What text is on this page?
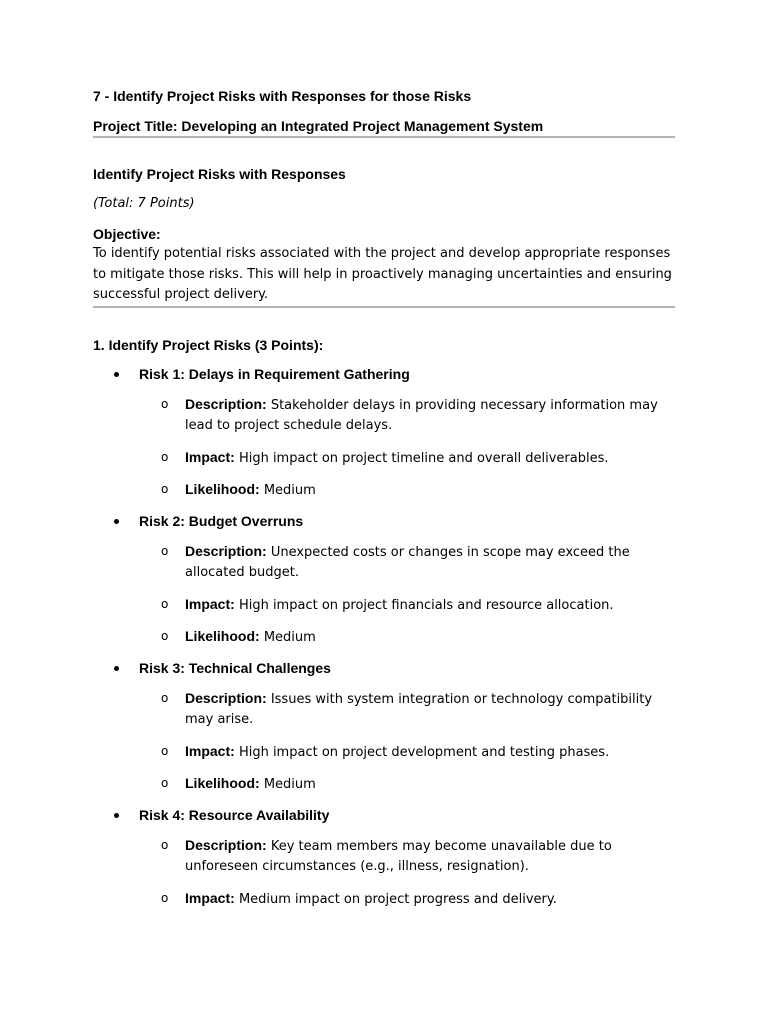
7 - Identify Project Risks with Responses for those Risks

Project Title: Developing an Integrated Project Management System

Identify Project Risks with Responses

(Total: 7 Points)

Objective:

To identify potential risks associated with the project and develop appropriate responses to mitigate those risks. This will help in proactively managing uncertainties and ensuring successful project delivery.

1. Identify Project Risks (3 Points):

Risk 1: Delays in Requirement Gathering
o Description: Stakeholder delays in providing necessary information may lead to project schedule delays.
o Impact: High impact on project timeline and overall deliverables.
o Likelihood: Medium
Risk 2: Budget Overruns
o Description: Unexpected costs or changes in scope may exceed the allocated budget.
o Impact: High impact on project financials and resource allocation.
o Likelihood: Medium
Risk 3: Technical Challenges
o Description: Issues with system integration or technology compatibility may arise.
o Impact: High impact on project development and testing phases.
o Likelihood: Medium
Risk 4: Resource Availability
o Description: Key team members may become unavailable due to unforeseen circumstances (e.g., illness, resignation).
o Impact: Medium impact on project progress and delivery.
